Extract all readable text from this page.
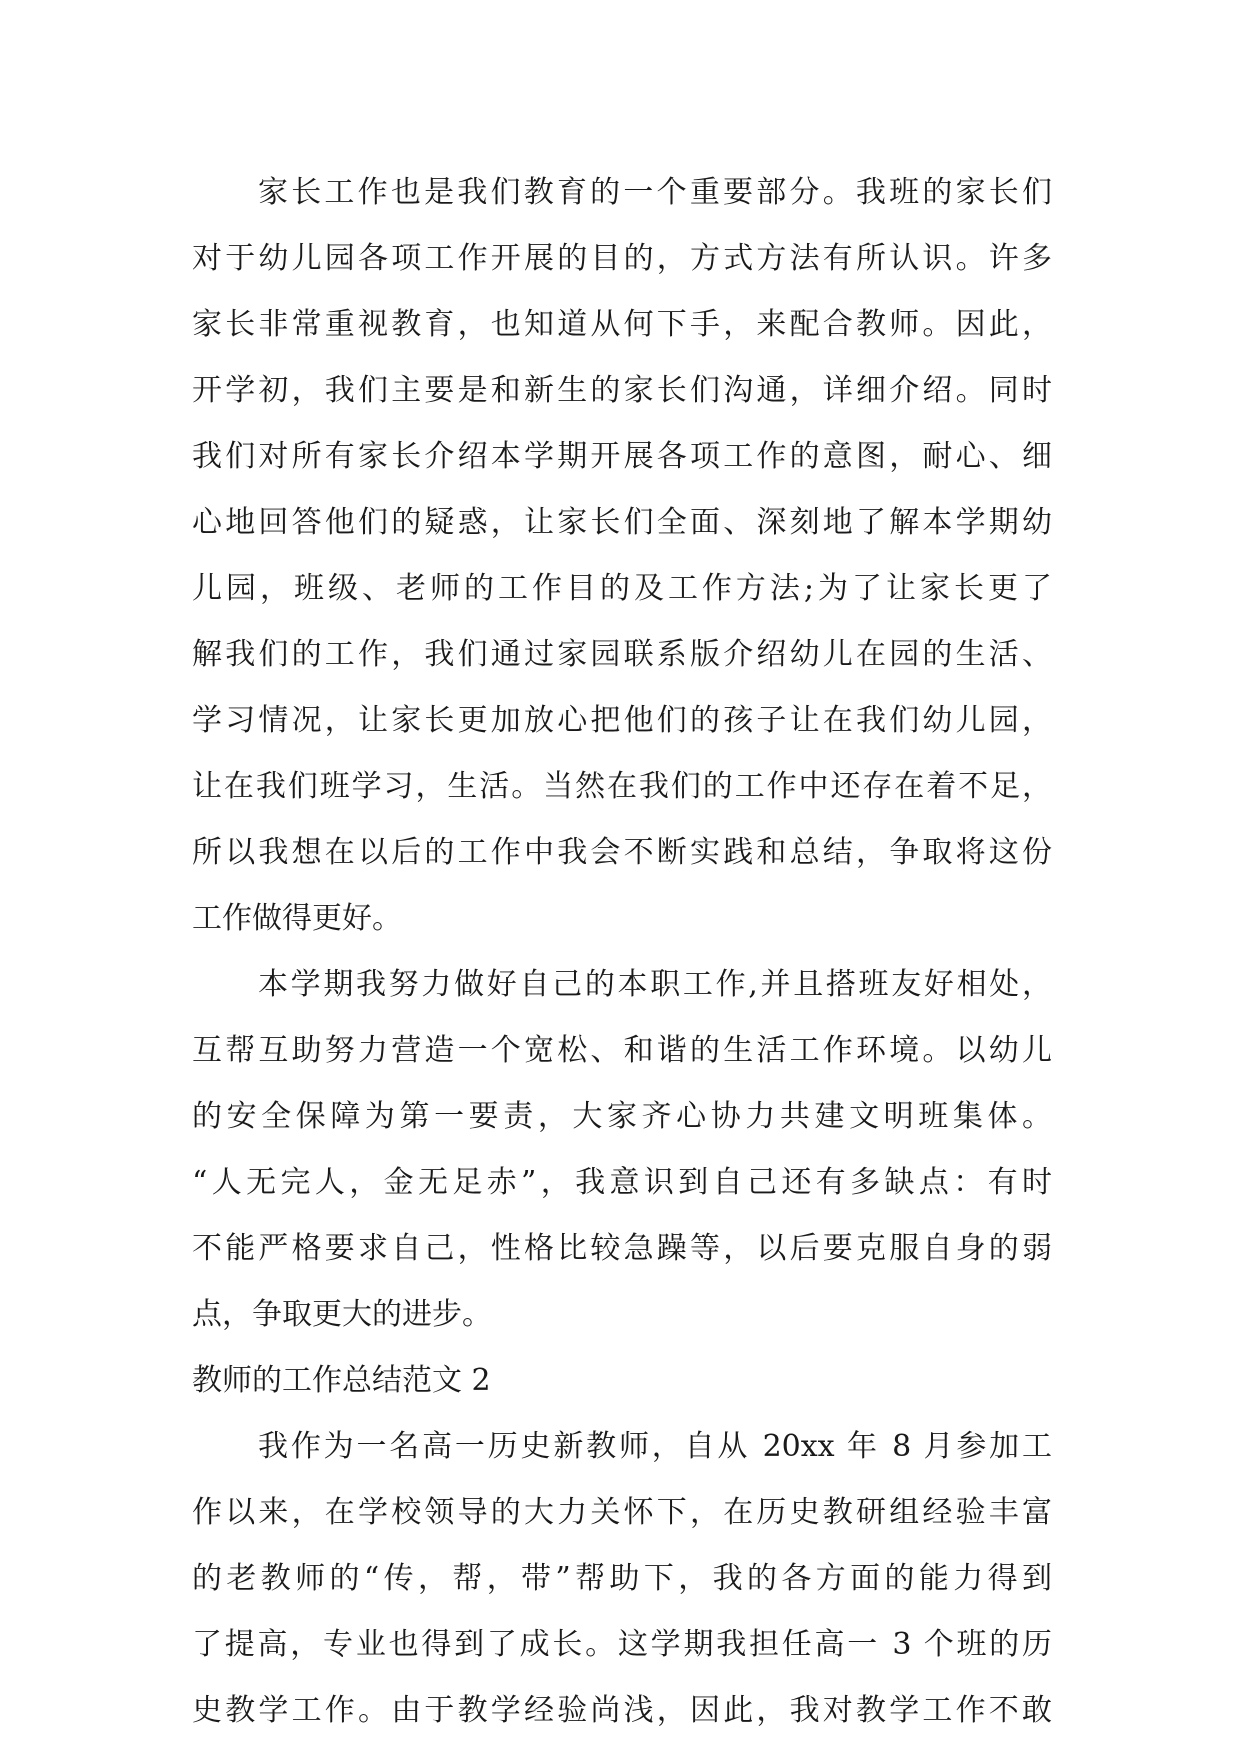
家长工作也是我们教育的一个重要部分。我班的家长们
对于幼儿园各项工作开展的目的，方式方法有所认识。许多
家长非常重视教育，也知道从何下手，来配合教师。因此，
开学初，我们主要是和新生的家长们沟通，详细介绍。同时
我们对所有家长介绍本学期开展各项工作的意图，耐心、细
心地回答他们的疑惑，让家长们全面、深刻地了解本学期幼
儿园，班级、老师的工作目的及工作方法;为了让家长更了
解我们的工作，我们通过家园联系版介绍幼儿在园的生活、
学习情况，让家长更加放心把他们的孩子让在我们幼儿园，
让在我们班学习，生活。当然在我们的工作中还存在着不足，
所以我想在以后的工作中我会不断实践和总结，争取将这份
工作做得更好。
本学期我努力做好自己的本职工作,并且搭班友好相处，
互帮互助努力营造一个宽松、和谐的生活工作环境。以幼儿
的安全保障为第一要责，大家齐心协力共建文明班集体。
“人无完人，金无足赤”，我意识到自己还有多缺点：有时
不能严格要求自己，性格比较急躁等，以后要克服自身的弱
点，争取更大的进步。
教师的工作总结范文 2
我作为一名高一历史新教师，自从 20xx 年 8 月参加工
作以来，在学校领导的大力关怀下，在历史教研组经验丰富
的老教师的“传，帮，带”帮助下，我的各方面的能力得到
了提高，专业也得到了成长。这学期我担任高一 3 个班的历
史教学工作。由于教学经验尚浅，因此，我对教学工作不敢
